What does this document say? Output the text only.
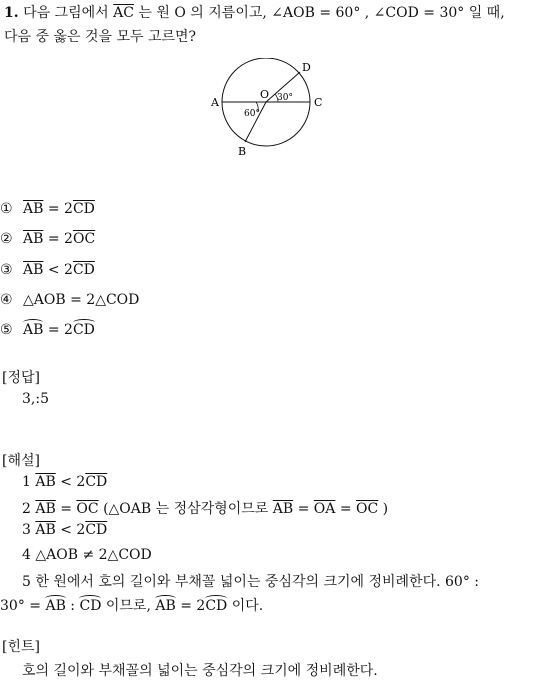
1. 다음 그림에서 $\overline{AC}$ 는 원 O 의 지름이고, ∠AOB = 60° , ∠COD = 30° 일 때,
다음 중 옳은 것을 모두 고르면?
A	C
D
B
O
60°
30°
① $\overline{AB} = 2\overline{CD}$
② $\overline{AB} = 2\overline{OC}$
③ $\overline{AB} < 2\overline{CD}$
④ △AOB = 2△COD
⑤ AB = 2CD
[정답]
3,:5
[해설]
1 $\overline{AB} < 2\overline{CD}$
2 $\overline{AB} = \overline{OC}$ (△OAB 는 정삼각형이므로 $\overline{AB} = \overline{OA} = \overline{OC}$ )
3 $\overline{AB} < 2\overline{CD}$
4 △AOB ≠ 2△COD
5 한 원에서 호의 길이와 부채꼴 넓이는 중심각의 크기에 정비례한다. 60° :
30° = AB : CD 이므로, AB = 2CD 이다.
[힌트]
호의 길이와 부채꼴의 넓이는 중심각의 크기에 정비례한다.
